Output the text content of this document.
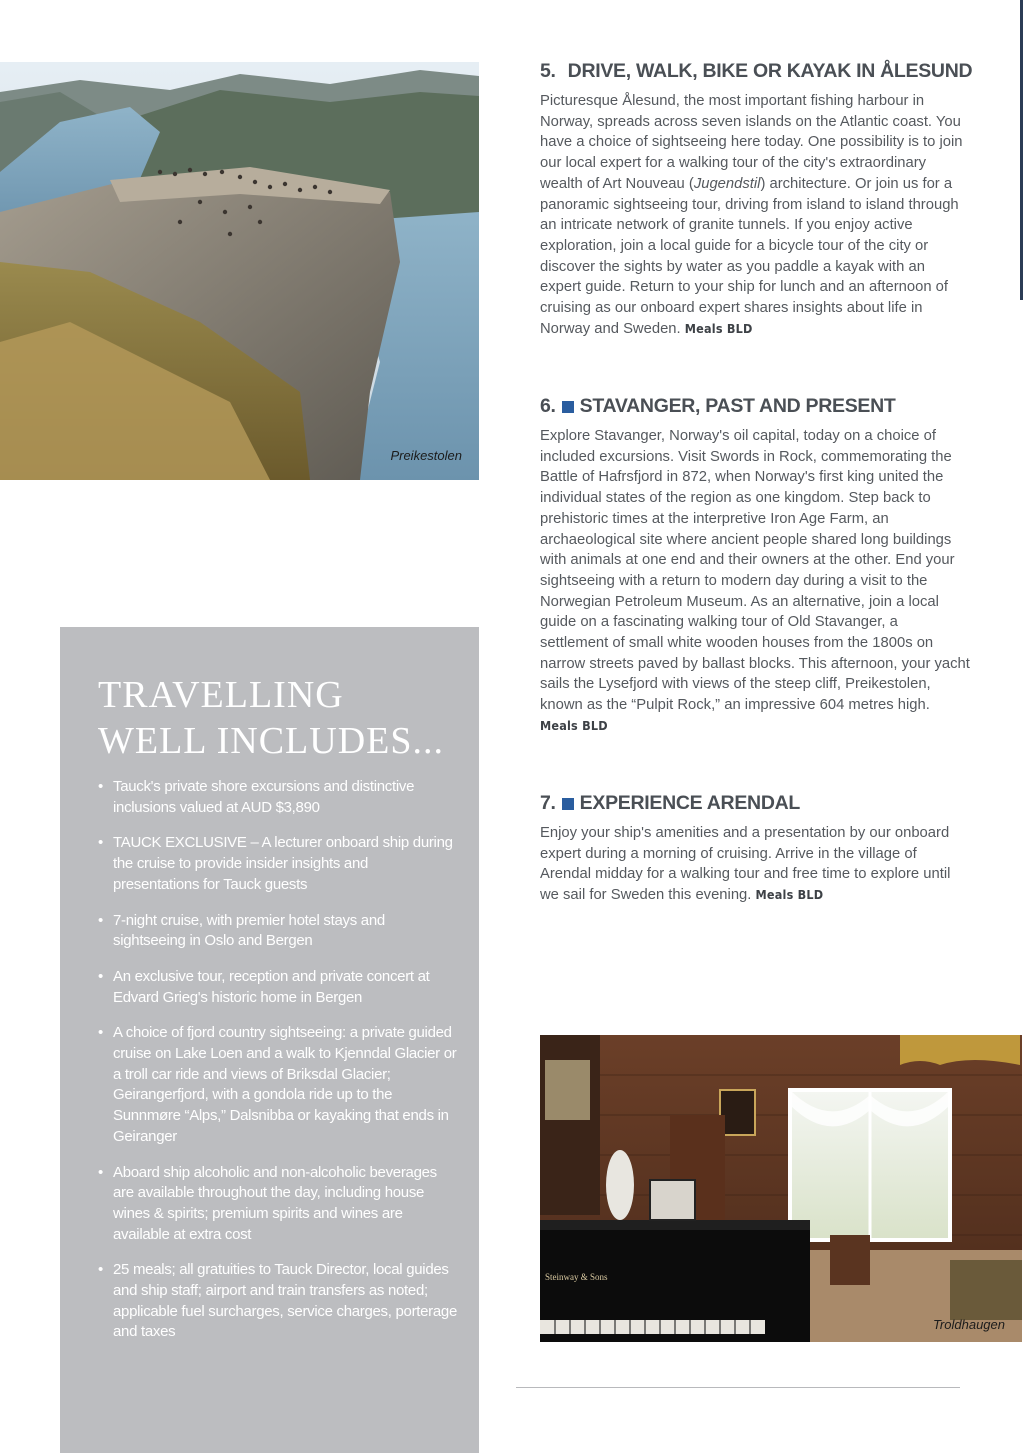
Preikestolen
5. DRIVE, WALK, BIKE OR KAYAK IN ÅLESUND

Picturesque Ålesund, the most important fishing harbour in Norway, spreads across seven islands on the Atlantic coast. You have a choice of sightseeing here today. One possibility is to join our local expert for a walking tour of the city's extraordinary wealth of Art Nouveau (Jugendstil) architecture. Or join us for a panoramic sightseeing tour, driving from island to island through an intricate network of granite tunnels. If you enjoy active exploration, join a local guide for a bicycle tour of the city or discover the sights by water as you paddle a kayak with an expert guide. Return to your ship for lunch and an afternoon of cruising as our onboard expert shares insights about life in Norway and Sweden. Meals BLD

6. STAVANGER, PAST AND PRESENT

Explore Stavanger, Norway's oil capital, today on a choice of included excursions. Visit Swords in Rock, commemorating the Battle of Hafrsfjord in 872, when Norway's first king united the individual states of the region as one kingdom. Step back to prehistoric times at the interpretive Iron Age Farm, an archaeological site where ancient people shared long buildings with animals at one end and their owners at the other. End your sightseeing with a return to modern day during a visit to the Norwegian Petroleum Museum. As an alternative, join a local guide on a fascinating walking tour of Old Stavanger, a settlement of small white wooden houses from the 1800s on narrow streets paved by ballast blocks. This afternoon, your yacht sails the Lysefjord with views of the steep cliff, Preikestolen, known as the “Pulpit Rock,” an impressive 604 metres high. Meals BLD

7. EXPERIENCE ARENDAL

Enjoy your ship's amenities and a presentation by our onboard expert during a morning of cruising. Arrive in the village of Arendal midday for a walking tour and free time to explore until we sail for Sweden this evening. Meals BLD

TRAVELLING WELL INCLUDES...
• Tauck's private shore excursions and distinctive inclusions valued at AUD $3,890
• TAUCK EXCLUSIVE – A lecturer onboard ship during the cruise to provide insider insights and presentations for Tauck guests
• 7-night cruise, with premier hotel stays and sightseeing in Oslo and Bergen
• An exclusive tour, reception and private concert at Edvard Grieg's historic home in Bergen
• A choice of fjord country sightseeing: a private guided cruise on Lake Loen and a walk to Kjenndal Glacier or a troll car ride and views of Briksdal Glacier; Geirangerfjord, with a gondola ride up to the Sunnmøre “Alps,” Dalsnibba or kayaking that ends in Geiranger
• Aboard ship alcoholic and non-alcoholic beverages are available throughout the day, including house wines & spirits; premium spirits and wines are available at extra cost
• 25 meals; all gratuities to Tauck Director, local guides and ship staff; airport and train transfers as noted; applicable fuel surcharges, service charges, porterage and taxes
Steinway & Sons
Troldhaugen
